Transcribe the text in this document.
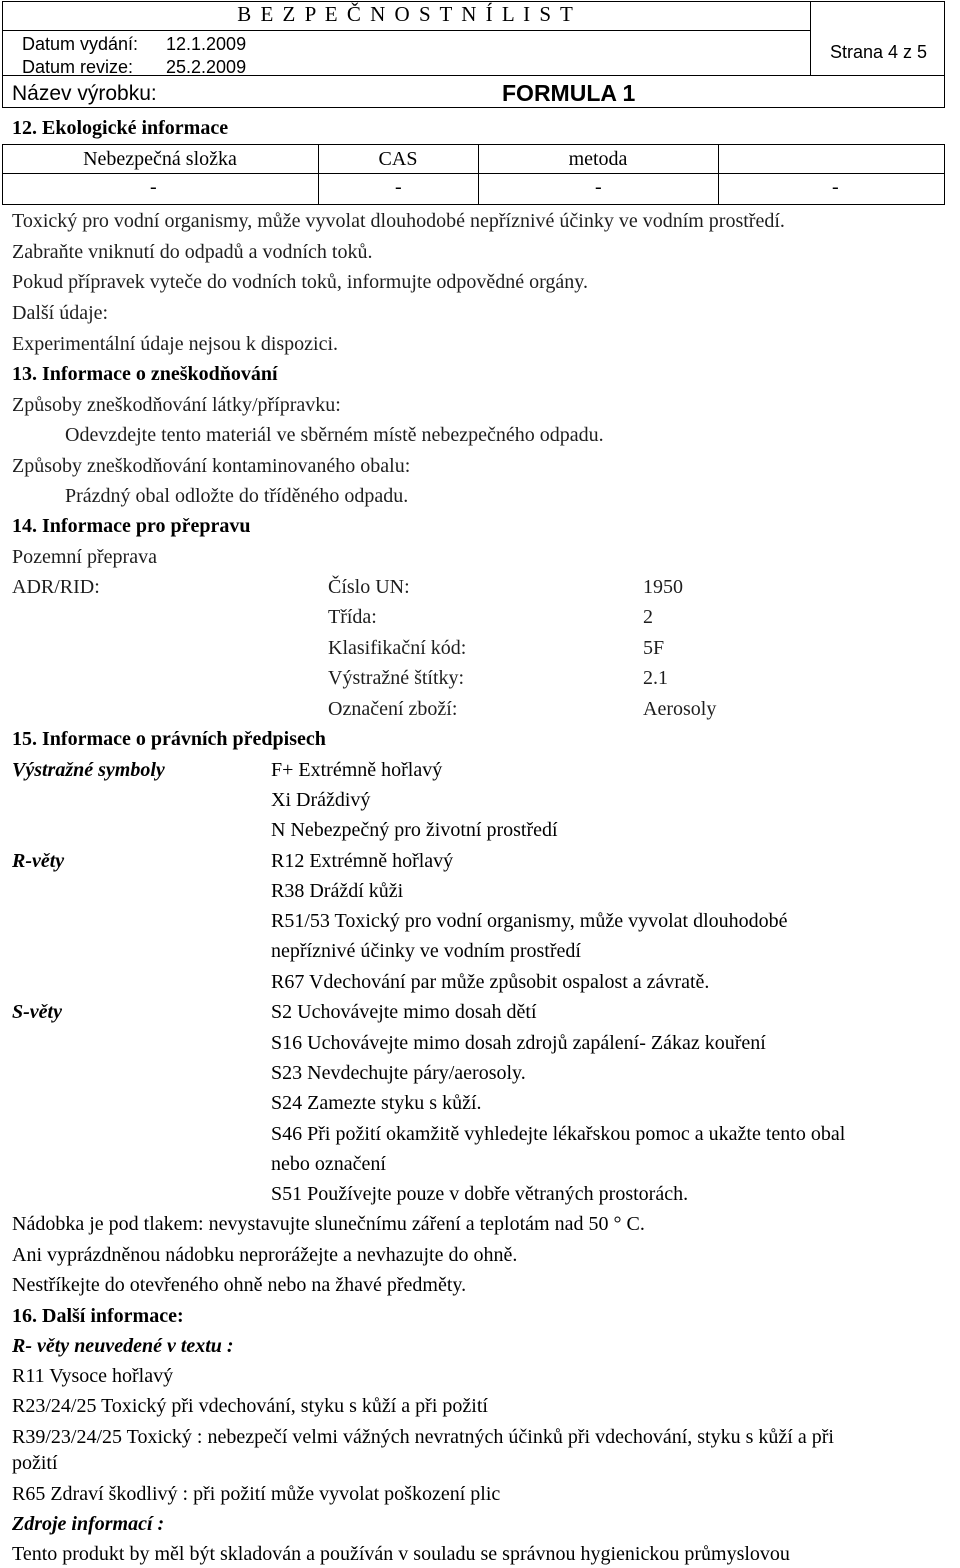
B E Z P E Č N O S T N Í L I S T
Datum vydání: 12.1.2009
Datum revize: 25.2.2009
Strana 4 z 5
Název výrobku:	FORMULA 1
12. Ekologické informace
Nebezpečná složka	CAS	metoda
-	-	-	-
Toxický pro vodní organismy, může vyvolat dlouhodobé nepříznivé účinky ve vodním prostředí.
Zabraňte vniknutí do odpadů a vodních toků.
Pokud přípravek vyteče do vodních toků, informujte odpovědné orgány.
Další údaje:
Experimentální údaje nejsou k dispozici.
13. Informace o zneškodňování
Způsoby zneškodňování látky/přípravku:
Odevzdejte tento materiál ve sběrném místě nebezpečného odpadu.
Způsoby zneškodňování kontaminovaného obalu:
Prázdný obal odložte do tříděného odpadu.
14. Informace pro přepravu
Pozemní přeprava
ADR/RID:	Číslo UN:	1950
Třída:	2
Klasifikační kód:	5F
Výstražné štítky:	2.1
Označení zboží:	Aerosoly
15. Informace o právních předpisech
Výstražné symboly	F+ Extrémně hořlavý
Xi Dráždivý
N Nebezpečný pro životní prostředí
R-věty	R12 Extrémně hořlavý
R38 Dráždí kůži
R51/53 Toxický pro vodní organismy, může vyvolat dlouhodobé
nepříznivé účinky ve vodním prostředí
R67 Vdechování par může způsobit ospalost a závratě.
S-věty	S2 Uchovávejte mimo dosah dětí
S16 Uchovávejte mimo dosah zdrojů zapálení- Zákaz kouření
S23 Nevdechujte páry/aerosoly.
S24 Zamezte styku s kůží.
S46 Při požití okamžitě vyhledejte lékařskou pomoc a ukažte tento obal
nebo označení
S51 Používejte pouze v dobře větraných prostorách.
Nádobka je pod tlakem: nevystavujte slunečnímu záření a teplotám nad 50 ° C.
Ani vyprázdněnou nádobku neprorážejte a nevhazujte do ohně.
Nestříkejte do otevřeného ohně nebo na žhavé předměty.
16. Další informace:
R- věty neuvedené v textu :
R11 Vysoce hořlavý
R23/24/25 Toxický při vdechování, styku s kůží a při požití
R39/23/24/25 Toxický : nebezpečí velmi vážných nevratných účinků při vdechování, styku s kůží a při
požití
R65 Zdraví škodlivý : při požití může vyvolat poškození plic
Zdroje informací :
Tento produkt by měl být skladován a používán v souladu se správnou hygienickou průmyslovou
